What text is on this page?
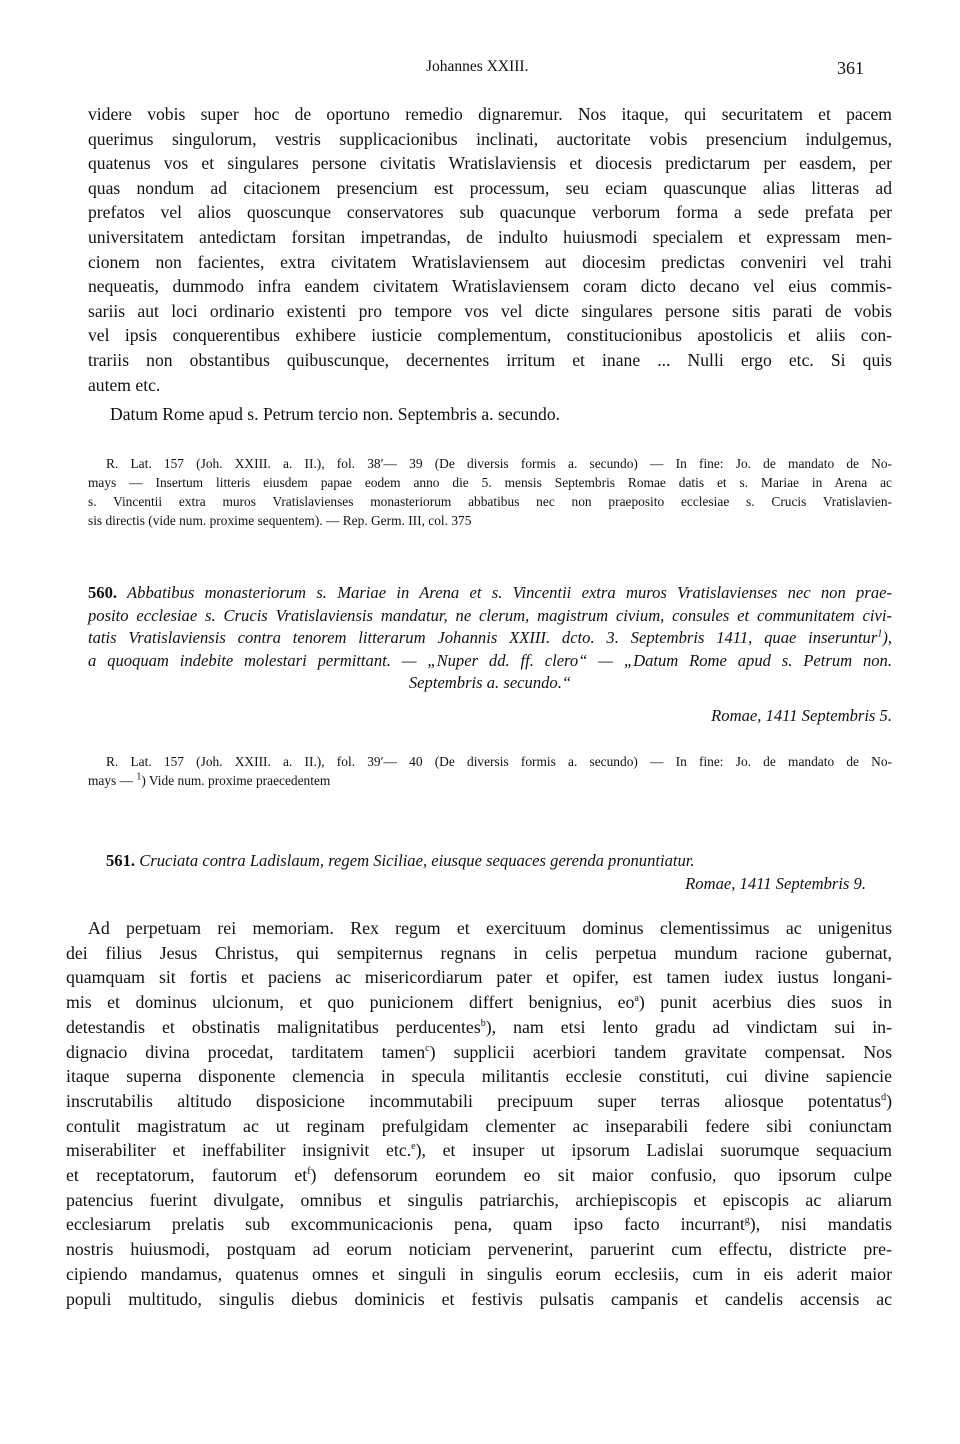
Johannes XXIII.	361

videre vobis super hoc de oportuno remedio dignaremur. Nos itaque, qui securitatem et pacem
querimus singulorum, vestris supplicacionibus inclinati, auctoritate vobis presencium indulgemus,
quatenus vos et singulares persone civitatis Wratislaviensis et diocesis predictarum per easdem, per
quas nondum ad citacionem presencium est processum, seu eciam quascunque alias litteras ad
prefatos vel alios quoscunque conservatores sub quacunque verborum forma a sede prefata per
universitatem antedictam forsitan impetrandas, de indulto huiusmodi specialem et expressam men-
cionem non facientes, extra civitatem Wratislaviensem aut diocesim predictas conveniri vel trahi
nequeatis, dummodo infra eandem civitatem Wratislaviensem coram dicto decano vel eius commis-
sariis aut loci ordinario existenti pro tempore vos vel dicte singulares persone sitis parati de vobis
vel ipsis conquerentibus exhibere iusticie complementum, constitucionibus apostolicis et aliis con-
trariis non obstantibus quibuscunque, decernentes irritum et inane ... Nulli ergo etc. Si quis
autem etc.

Datum Rome apud s. Petrum tercio non. Septembris a. secundo.

R. Lat. 157 (Joh. XXIII. a. II.), fol. 38′— 39 (De diversis formis a. secundo) — In fine: Jo. de mandato de No-
mays — Insertum litteris eiusdem papae eodem anno die 5. mensis Septembris Romae datis et s. Mariae in Arena ac
s. Vincentii extra muros Vratislavienses monasteriorum abbatibus nec non praeposito ecclesiae s. Crucis Vratislavien-
sis directis (vide num. proxime sequentem). — Rep. Germ. III, col. 375

560. Abbatibus monasteriorum s. Mariae in Arena et s. Vincentii extra muros Vratislavienses nec non prae-
posito ecclesiae s. Crucis Vratislaviensis mandatur, ne clerum, magistrum civium, consules et communitatem civi-
tatis Vratislaviensis contra tenorem litterarum Johannis XXIII. dcto. 3. Septembris 1411, quae inseruntur$^1$),
a quoquam indebite molestari permittant. — „Nuper dd. ff. clero“ — „Datum Rome apud s. Petrum non.
Septembris a. secundo.“
Romae, 1411 Septembris 5.

R. Lat. 157 (Joh. XXIII. a. II.), fol. 39′— 40 (De diversis formis a. secundo) — In fine: Jo. de mandato de No-
mays — $^1$) Vide num. proxime praecedentem

561. Cruciata contra Ladislaum, regem Siciliae, eiusque sequaces gerenda pronuntiatur.
Romae, 1411 Septembris 9.

Ad perpetuam rei memoriam. Rex regum et exercituum dominus clementissimus ac unigenitus
dei filius Jesus Christus, qui sempiternus regnans in celis perpetua mundum racione gubernat,
quamquam sit fortis et paciens ac misericordiarum pater et opifer, est tamen iudex iustus longani-
mis et dominus ulcionum, et quo punicionem differt benignius, $eo^a$) punit acerbius dies suos in
detestandis et obstinatis malignitatibus perducentes$^b$), nam etsi lento gradu ad vindictam sui in-
dignacio divina procedat, tarditatem tamen$^c$) supplicii acerbiori tandem gravitate compensat. Nos
itaque superna disponente clemencia in specula militantis ecclesie constituti, cui divine sapiencie
inscrutabilis altitudo disposicione incommutabili precipuum super terras aliosque potentatus$^d$)
contulit magistratum ac ut reginam prefulgidam clementer ac inseparabili federe sibi coniunctam
miserabiliter et ineffabiliter insignivit etc.$^e$), et insuper ut ipsorum Ladislai suorumque sequacium
et receptatorum, fautorum $et^f$) defensorum eorundem eo sit maior confusio, quo ipsorum culpe
patencius fuerint divulgate, omnibus et singulis patriarchis, archiepiscopis et episcopis ac aliarum
ecclesiarum prelatis sub excommunicacionis pena, quam ipso facto incurrant$^g$), nisi mandatis
nostris huiusmodi, postquam ad eorum noticiam pervenerint, paruerint cum effectu, districte pre-
cipiendo mandamus, quatenus omnes et singuli in singulis eorum ecclesiis, cum in eis aderit maior
populi multitudo, singulis diebus dominicis et festivis pulsatis campanis et candelis accensis ac
